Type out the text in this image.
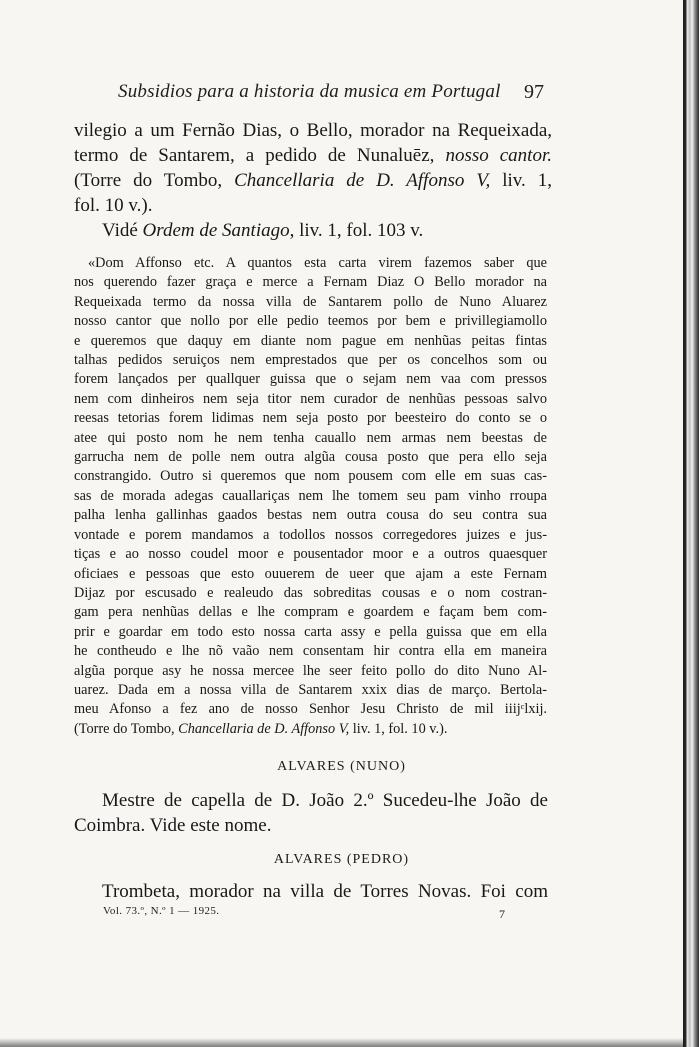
Subsidios para a historia da musica em Portugal 97

vilegio a um Fernão Dias, o Bello, morador na Requeixada,

termo de Santarem, a pedido de Nunaluēz, nosso cantor.

(Torre do Tombo, Chancellaria de D. Affonso V, liv. 1,

fol. 10 v.).

Vidé Ordem de Santiago, liv. 1, fol. 103 v.

«Dom Affonso etc. A quantos esta carta virem fazemos saber que

nos querendo fazer graça e merce a Fernam Diaz O Bello morador na

Requeixada termo da nossa villa de Santarem pollo de Nuno Aluarez

nosso cantor que nollo por elle pedio teemos por bem e privillegiamollo

e queremos que daquy em diante nom pague em nenhũas peitas fintas

talhas pedidos seruiços nem emprestados que per os concelhos som ou

forem lançados per quallquer guissa que o sejam nem vaa com pressos

nem com dinheiros nem seja titor nem curador de nenhũas pessoas salvo

reesas tetorias forem lidimas nem seja posto por beesteiro do conto se o

atee qui posto nom he nem tenha cauallo nem armas nem beestas de

garrucha nem de polle nem outra algũa cousa posto que pera ello seja

constrangido. Outro si queremos que nom pousem com elle em suas cas-

sas de morada adegas cauallariças nem lhe tomem seu pam vinho rroupa

palha lenha gallinhas gaados bestas nem outra cousa do seu contra sua

vontade e porem mandamos a todollos nossos corregedores juizes e jus-

tiças e ao nosso coudel moor e pousentador moor e a outros quaesquer

oficiaes e pessoas que esto ouuerem de ueer que ajam a este Fernam

Dijaz por escusado e realeudo das sobreditas cousas e o nom costran-

gam pera nenhũas dellas e lhe compram e goardem e façam bem com-

prir e goardar em todo esto nossa carta assy e pella guissa que em ella

he contheudo e lhe nõ vaão nem consentam hir contra ella em maneira

algũa porque asy he nossa mercee lhe seer feito pollo do dito Nuno Al-

uarez. Dada em a nossa villa de Santarem xxix dias de março. Bertola-

meu Afonso a fez ano de nosso Senhor Jesu Christo de mil iiijᶜlxij.

(Torre do Tombo, Chancellaria de D. Affonso V, liv. 1, fol. 10 v.).

ALVARES (NUNO)

Mestre de capella de D. João 2.º Sucedeu-lhe João de

Coimbra. Vide este nome.

ALVARES (PEDRO)

Trombeta, morador na villa de Torres Novas. Foi com

Vol. 73.º, N.º 1 — 1925.	7
